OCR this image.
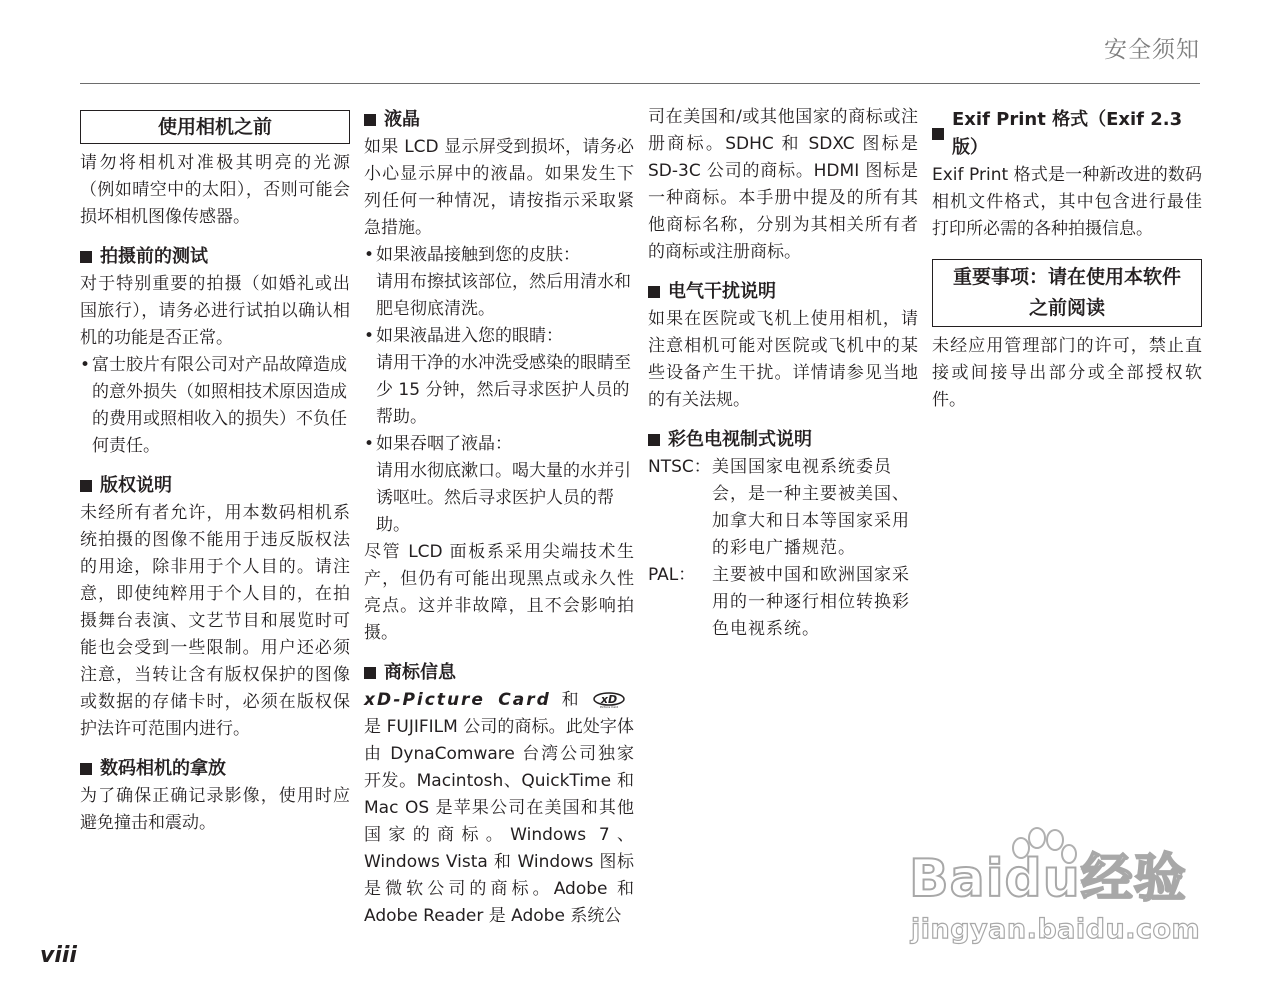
安全须知
使用相机之前

请勿将相机对准极其明亮的光源（例如晴空中的太阳），否则可能会损坏相机图像传感器。

拍摄前的测试

对于特别重要的拍摄（如婚礼或出国旅行），请务必进行试拍以确认相机的功能是否正常。

• 富士胶片有限公司对产品故障造成的意外损失（如照相技术原因造成的费用或照相收入的损失）不负任何责任。
版权说明

未经所有者允许，用本数码相机系统拍摄的图像不能用于违反版权法的用途，除非用于个人目的。请注意，即使纯粹用于个人目的，在拍摄舞台表演、文艺节目和展览时可能也会受到一些限制。用户还必须注意，当转让含有版权保护的图像或数据的存储卡时，必须在版权保护法许可范围内进行。

数码相机的拿放

为了确保正确记录影像，使用时应避免撞击和震动。

液晶

如果 LCD 显示屏受到损坏，请务必小心显示屏中的液晶。如果发生下列任何一种情况，请按指示采取紧急措施。

• 如果液晶接触到您的皮肤：
请用布擦拭该部位，然后用清水和肥皂彻底清洗。
• 如果液晶进入您的眼睛：
请用干净的水冲洗受感染的眼睛至少 15 分钟，然后寻求医护人员的帮助。
• 如果吞咽了液晶：
请用水彻底漱口。喝大量的水并引诱呕吐。然后寻求医护人员的帮助。

尽管 LCD 面板系采用尖端技术生产，但仍有可能出现黑点或永久性亮点。这并非故障，且不会影响拍摄。

商标信息

xD-Picture Card 和 xD
Picture Card
是 FUJIFILM 公司的商标。此处字体由 DynaComware 台湾公司独家开发。Macintosh、QuickTime 和 Mac OS 是苹果公司在美国和其他国家的商标。Windows 7、Windows Vista 和 Windows 图标是微软公司的商标。Adobe 和 Adobe Reader 是 Adobe 系统公

司在美国和/或其他国家的商标或注册商标。SDHC 和 SDXC 图标是 SD-3C 公司的商标。HDMI 图标是一种商标。本手册中提及的所有其他商标名称，分别为其相关所有者的商标或注册商标。

电气干扰说明

如果在医院或飞机上使用相机，请注意相机可能对医院或飞机中的某些设备产生干扰。详情请参见当地的有关法规。

彩色电视制式说明
NTSC： 美国国家电视系统委员会，是一种主要被美国、加拿大和日本等国家采用的彩电广播规范。
PAL： 主要被中国和欧洲国家采用的一种逐行相位转换彩色电视系统。
Exif Print 格式（Exif 2.3 版）

Exif Print 格式是一种新改进的数码相机文件格式，其中包含进行最佳打印所必需的各种拍摄信息。

重要事项：请在使用本软件
之前阅读

未经应用管理部门的许可，禁止直接或间接导出部分或全部授权软件。

viii
Baidu经验
jingyan.baidu.com
